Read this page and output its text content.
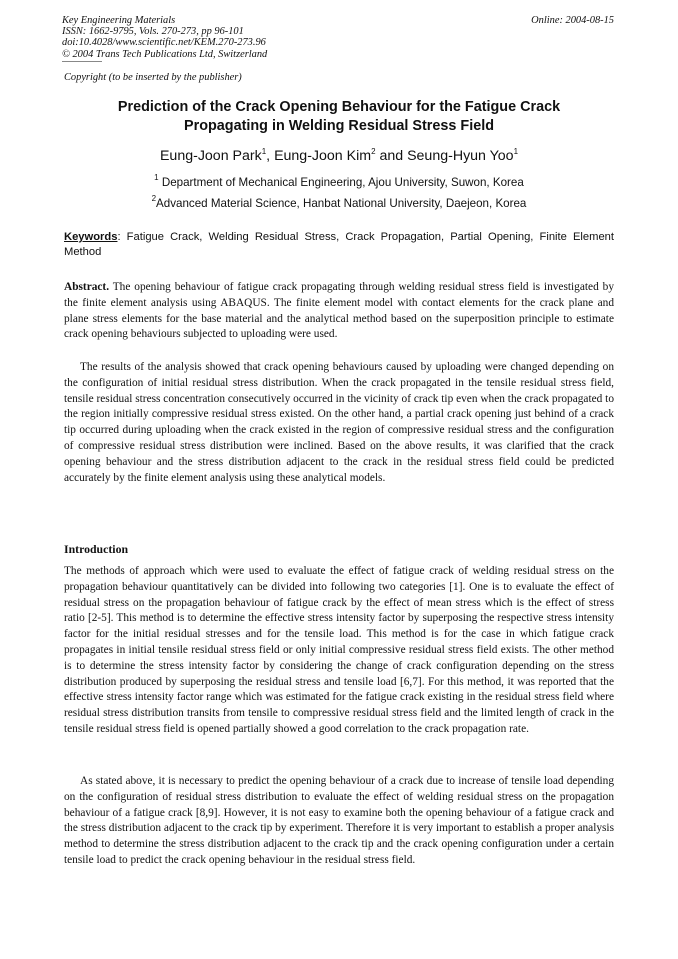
Key Engineering Materials
ISSN: 1662-9795, Vols. 270-273, pp 96-101
doi:10.4028/www.scientific.net/KEM.270-273.96
© 2004 Trans Tech Publications Ltd, Switzerland
Online: 2004-08-15
Copyright (to be inserted by the publisher)
Prediction of the Crack Opening Behaviour for the Fatigue Crack
Propagating in Welding Residual Stress Field
Eung-Joon Park$^1$, Eung-Joon Kim$^2$ and Seung-Hyun Yoo$^1$
$^1$ Department of Mechanical Engineering, Ajou University, Suwon, Korea
$^2$Advanced Material Science, Hanbat National University, Daejeon, Korea
Keywords: Fatigue Crack, Welding Residual Stress, Crack Propagation, Partial Opening, Finite Element Method

Abstract. The opening behaviour of fatigue crack propagating through welding residual stress field is investigated by the finite element analysis using ABAQUS. The finite element model with contact elements for the crack plane and plane stress elements for the base material and the analytical method based on the superposition principle to estimate crack opening behaviours subjected to uploading were used.

The results of the analysis showed that crack opening behaviours caused by uploading were changed depending on the configuration of initial residual stress distribution. When the crack propagated in the tensile residual stress field, tensile residual stress concentration consecutively occurred in the vicinity of crack tip even when the crack propagated to the region initially compressive residual stress existed. On the other hand, a partial crack opening just behind of a crack tip occurred during uploading when the crack existed in the region of compressive residual stress and the configuration of compressive residual stress distribution were inclined. Based on the above results, it was clarified that the crack opening behaviour and the stress distribution adjacent to the crack in the residual stress field could be predicted accurately by the finite element analysis using these analytical models.

Introduction

The methods of approach which were used to evaluate the effect of fatigue crack of welding residual stress on the propagation behaviour quantitatively can be divided into following two categories [1]. One is to evaluate the effect of residual stress on the propagation behaviour of fatigue crack by the effect of mean stress which is the effect of stress ratio [2-5]. This method is to determine the effective stress intensity factor by superposing the respective stress intensity factor for the initial residual stresses and for the tensile load. This method is for the case in which fatigue crack propagates in initial tensile residual stress field or only initial compressive residual stress field exists. The other method is to determine the stress intensity factor by considering the change of crack configuration depending on the stress distribution produced by superposing the residual stress and tensile load [6,7]. For this method, it was reported that the effective stress intensity factor range which was estimated for the fatigue crack existing in the residual stress field where residual stress distribution transits from tensile to compressive residual stress field and the limited length of crack in the tensile residual stress field is opened partially showed a good correlation to the crack propagation rate.

As stated above, it is necessary to predict the opening behaviour of a crack due to increase of tensile load depending on the configuration of residual stress distribution to evaluate the effect of welding residual stress on the propagation behaviour of a fatigue crack [8,9]. However, it is not easy to examine both the opening behaviour of a fatigue crack and the stress distribution adjacent to the crack tip by experiment. Therefore it is very important to establish a proper analysis method to determine the stress distribution adjacent to the crack tip and the crack opening configuration under a certain tensile load to predict the crack opening behaviour in the residual stress field.
